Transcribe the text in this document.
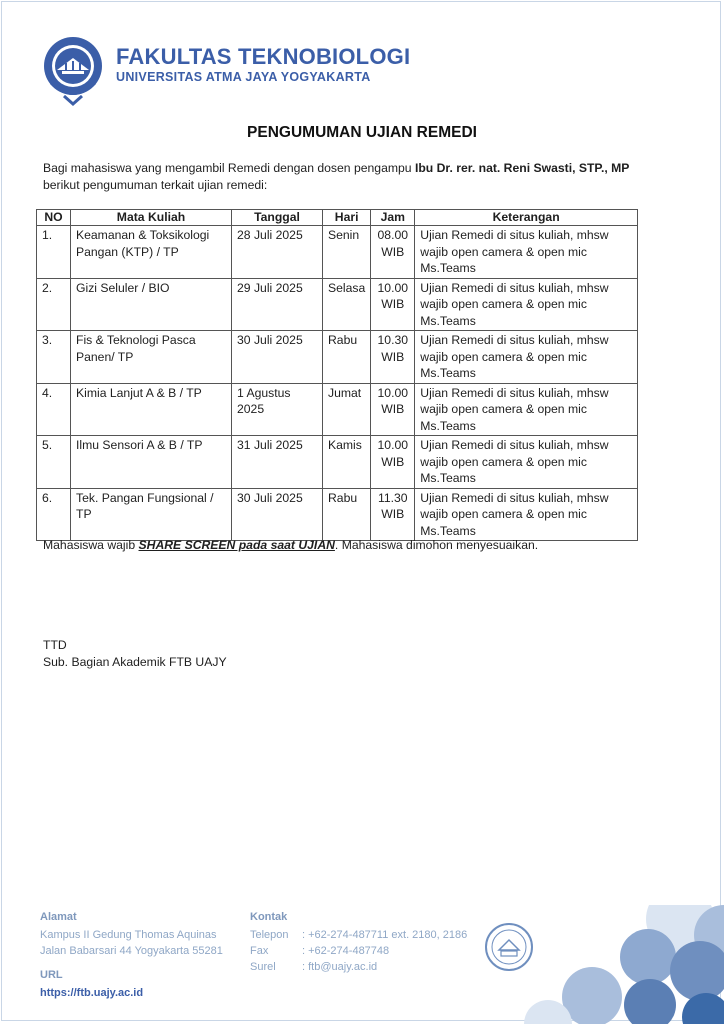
FAKULTAS TEKNOBIOLOGI
UNIVERSITAS ATMA JAYA YOGYAKARTA
PENGUMUMAN UJIAN REMEDI
Bagi mahasiswa yang mengambil Remedi dengan dosen pengampu Ibu Dr. rer. nat. Reni Swasti, STP., MP
berikut pengumuman terkait ujian remedi:
NO	Mata Kuliah	Tanggal	Hari	Jam	Keterangan
1.	Keamanan & Toksikologi Pangan (KTP) / TP	28 Juli 2025	Senin	08.00 WIB	Ujian Remedi di situs kuliah, mhsw wajib open camera & open mic Ms.Teams
2.	Gizi Seluler / BIO	29 Juli 2025	Selasa	10.00 WIB	Ujian Remedi di situs kuliah, mhsw wajib open camera & open mic Ms.Teams
3.	Fis & Teknologi Pasca Panen/ TP	30 Juli 2025	Rabu	10.30 WIB	Ujian Remedi di situs kuliah, mhsw wajib open camera & open mic Ms.Teams
4.	Kimia Lanjut A & B / TP	1 Agustus 2025	Jumat	10.00 WIB	Ujian Remedi di situs kuliah, mhsw wajib open camera & open mic Ms.Teams
5.	Ilmu Sensori A & B / TP	31 Juli 2025	Kamis	10.00 WIB	Ujian Remedi di situs kuliah, mhsw wajib open camera & open mic Ms.Teams
6.	Tek. Pangan Fungsional / TP	30 Juli 2025	Rabu	11.30 WIB	Ujian Remedi di situs kuliah, mhsw wajib open camera & open mic Ms.Teams
Mahasiswa wajib SHARE SCREEN pada saat UJIAN. Mahasiswa dimohon menyesuaikan.
TTD
Sub. Bagian Akademik FTB UAJY
Alamat
Kampus II Gedung Thomas Aquinas
Jalan Babarsari 44 Yogyakarta 55281
URL
https://ftb.uajy.ac.id
Kontak
Telepon	: +62-274-487711 ext. 2180, 2186
Fax	: +62-274-487748
Surel	: ftb@uajy.ac.id
